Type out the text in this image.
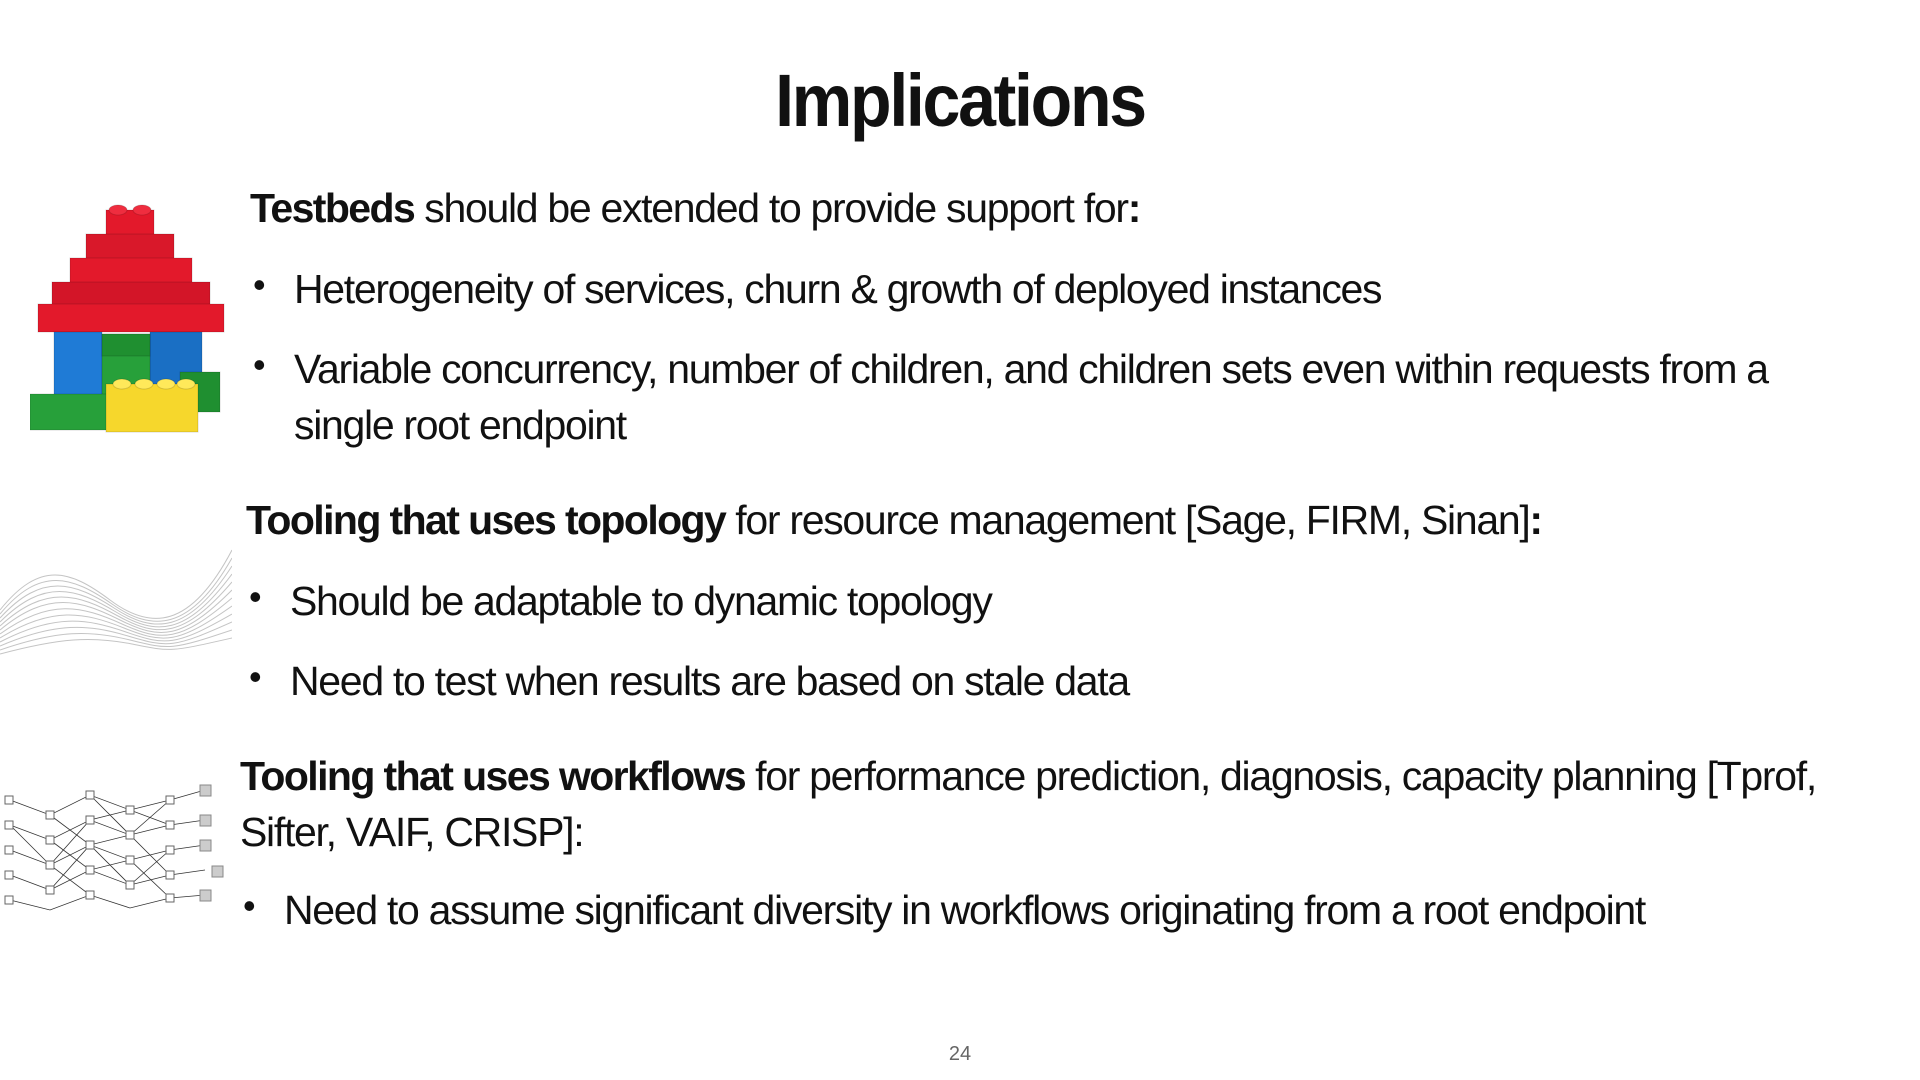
Implications
Testbeds should be extended to provide support for:
• Heterogeneity of services, churn & growth of deployed instances
• Variable concurrency, number of children, and children sets even within requests from a single root endpoint
Tooling that uses topology for resource management [Sage, FIRM, Sinan]:
• Should be adaptable to dynamic topology
• Need to test when results are based on stale data
Tooling that uses workflows for performance prediction, diagnosis, capacity planning [Tprof, Sifter, VAIF, CRISP]:
• Need to assume significant diversity in workflows originating from a root endpoint
24
